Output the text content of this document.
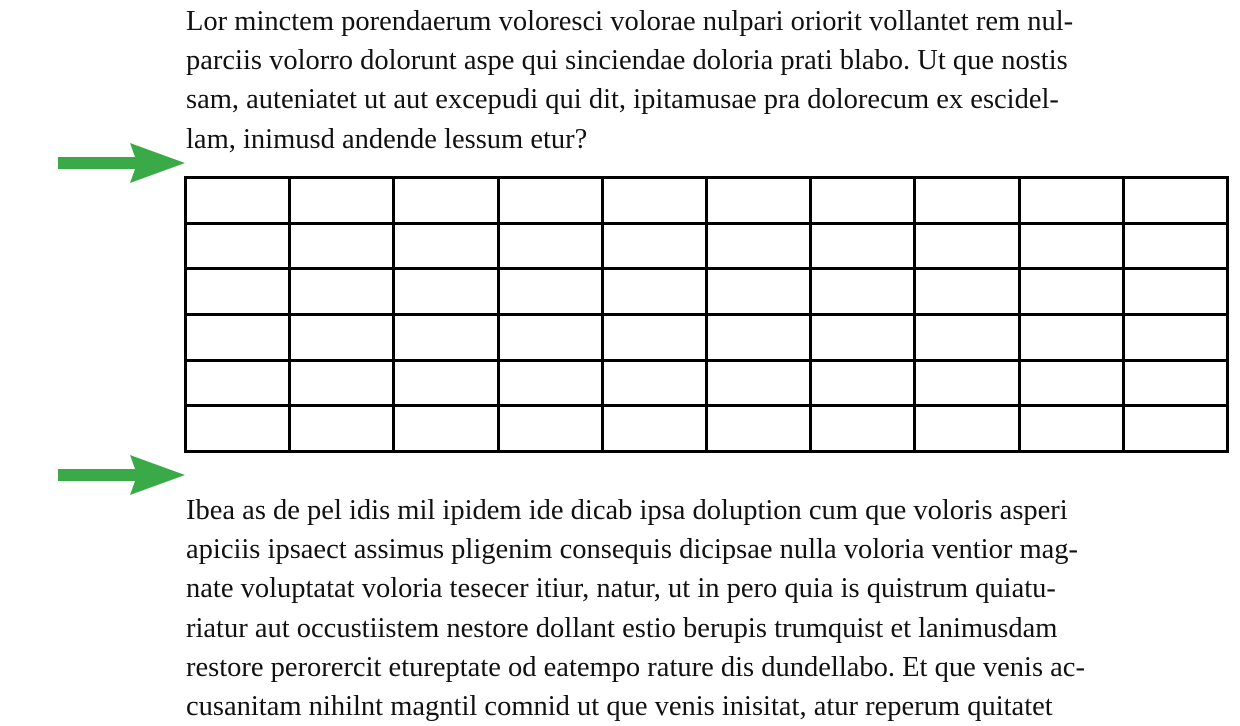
Lor minctem porendaerum voloresci volorae nulpari oriorit vollantet rem nul-
parciis volorro dolorunt aspe qui sinciendae doloria prati blabo. Ut que nostis
sam, auteniatet ut aut excepudi qui dit, ipitamusae pra dolorecum ex escidel-
lam, inimusd andende lessum etur?

Ibea as de pel idis mil ipidem ide dicab ipsa doluption cum que voloris asperi
apiciis ipsaect assimus pligenim consequis dicipsae nulla voloria ventior mag-
nate voluptatat voloria tesecer itiur, natur, ut in pero quia is quistrum quiatu-
riatur aut occustiistem nestore dollant estio berupis trumquist et lanimusdam
restore perorercit etureptate od eatempo rature dis dundellabo. Et que venis ac-
cusanitam nihilnt magntil comnid ut que venis inisitat, atur reperum quitatet
